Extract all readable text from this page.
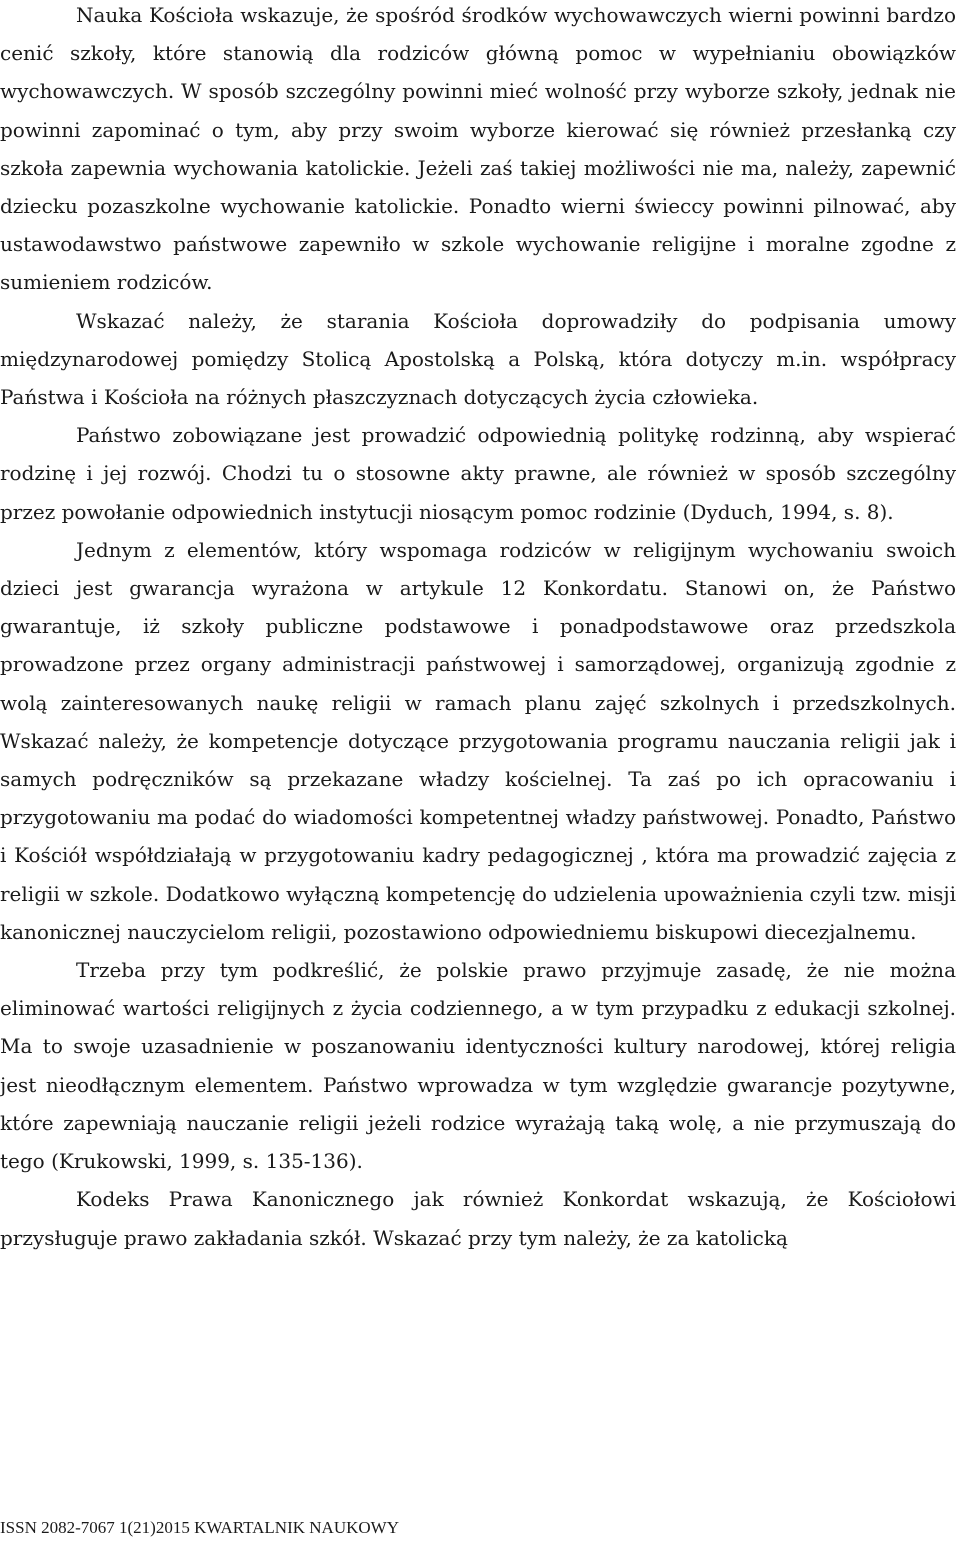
Nauka Kościoła wskazuje, że spośród środków wychowawczych wierni powinni bardzo cenić szkoły, które stanowią dla rodziców główną pomoc w wypełnianiu obowiązków wychowawczych. W sposób szczególny powinni mieć wolność przy wyborze szkoły, jednak nie powinni zapominać o tym, aby przy swoim wyborze kierować się również przesłanką czy szkoła zapewnia wychowania katolickie. Jeżeli zaś takiej możliwości nie ma, należy, zapewnić dziecku pozaszkolne wychowanie katolickie. Ponadto wierni świeccy powinni pilnować, aby ustawodawstwo państwowe zapewniło w szkole wychowanie religijne i moralne zgodne z sumieniem rodziców.

Wskazać należy, że starania Kościoła doprowadziły do podpisania umowy międzynarodowej pomiędzy Stolicą Apostolską a Polską, która dotyczy m.in. współpracy Państwa i Kościoła na różnych płaszczyznach dotyczących życia człowieka.

Państwo zobowiązane jest prowadzić odpowiednią politykę rodzinną, aby wspierać rodzinę i jej rozwój. Chodzi tu o stosowne akty prawne, ale również w sposób szczególny przez powołanie odpowiednich instytucji niosącym pomoc rodzinie (Dyduch, 1994, s. 8).

Jednym z elementów, który wspomaga rodziców w religijnym wychowaniu swoich dzieci jest gwarancja wyrażona w artykule 12 Konkordatu. Stanowi on, że Państwo gwarantuje, iż szkoły publiczne podstawowe i ponadpodstawowe oraz przedszkola prowadzone przez organy administracji państwowej i samorządowej, organizują zgodnie z wolą zainteresowanych naukę religii w ramach planu zajęć szkolnych i przedszkolnych. Wskazać należy, że kompetencje dotyczące przygotowania programu nauczania religii jak i samych podręczników są przekazane władzy kościelnej. Ta zaś po ich opracowaniu i przygotowaniu ma podać do wiadomości kompetentnej władzy państwowej. Ponadto, Państwo i Kościół współdziałają w przygotowaniu kadry pedagogicznej , która ma prowadzić zajęcia z religii w szkole. Dodatkowo wyłączną kompetencję do udzielenia upoważnienia czyli tzw. misji kanonicznej nauczycielom religii, pozostawiono odpowiedniemu biskupowi diecezjalnemu.

Trzeba przy tym podkreślić, że polskie prawo przyjmuje zasadę, że nie można eliminować wartości religijnych z życia codziennego, a w tym przypadku z edukacji szkolnej. Ma to swoje uzasadnienie w poszanowaniu identyczności kultury narodowej, której religia jest nieodłącznym elementem. Państwo wprowadza w tym względzie gwarancje pozytywne, które zapewniają nauczanie religii jeżeli rodzice wyrażają taką wolę, a nie przymuszają do tego (Krukowski, 1999, s. 135-136).

Kodeks Prawa Kanonicznego jak również Konkordat wskazują, że Kościołowi przysługuje prawo zakładania szkół. Wskazać przy tym należy, że za katolicką

ISSN 2082-7067 1(21)2015 KWARTALNIK NAUKOWY
